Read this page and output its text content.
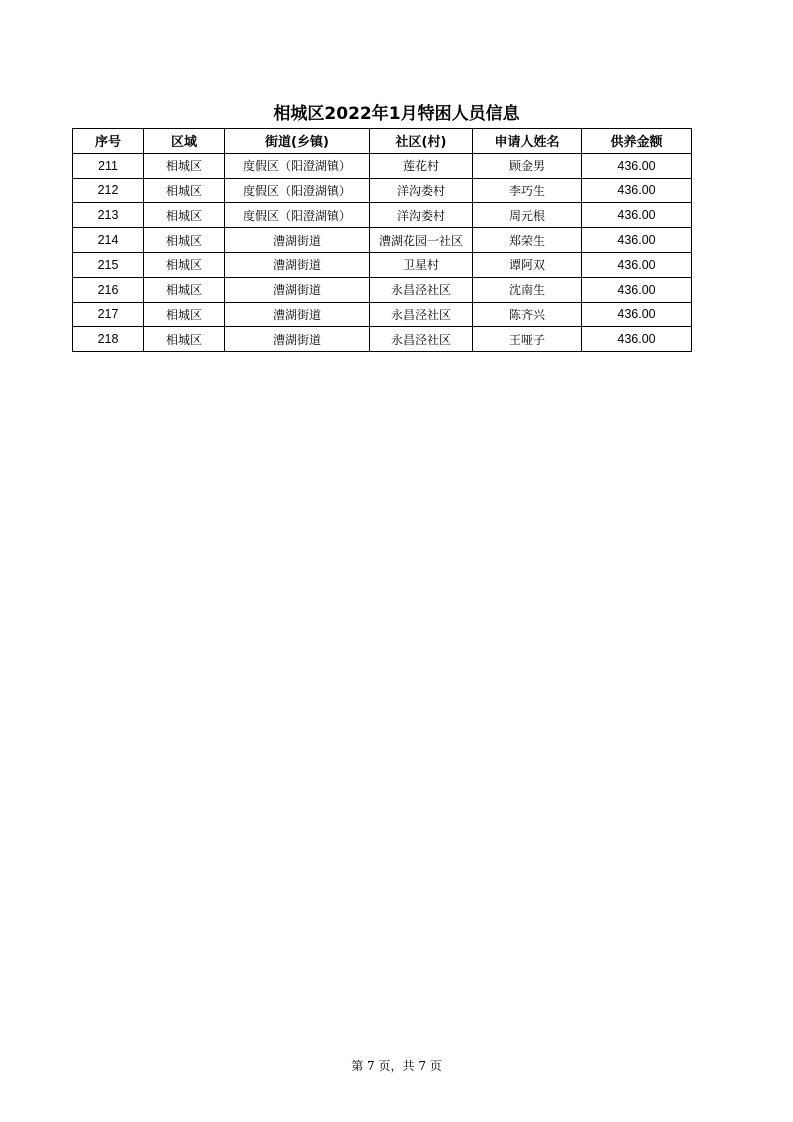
相城区2022年1月特困人员信息
序号	区域	街道(乡镇)	社区(村)	申请人姓名	供养金额
211	相城区	度假区（阳澄湖镇）	莲花村	顾金男	436.00
212	相城区	度假区（阳澄湖镇）	洋沟娄村	李巧生	436.00
213	相城区	度假区（阳澄湖镇）	洋沟娄村	周元根	436.00
214	相城区	漕湖街道	漕湖花园一社区	郑荣生	436.00
215	相城区	漕湖街道	卫星村	谭阿双	436.00
216	相城区	漕湖街道	永昌泾社区	沈南生	436.00
217	相城区	漕湖街道	永昌泾社区	陈齐兴	436.00
218	相城区	漕湖街道	永昌泾社区	王哑子	436.00
第 7 页，共 7 页
